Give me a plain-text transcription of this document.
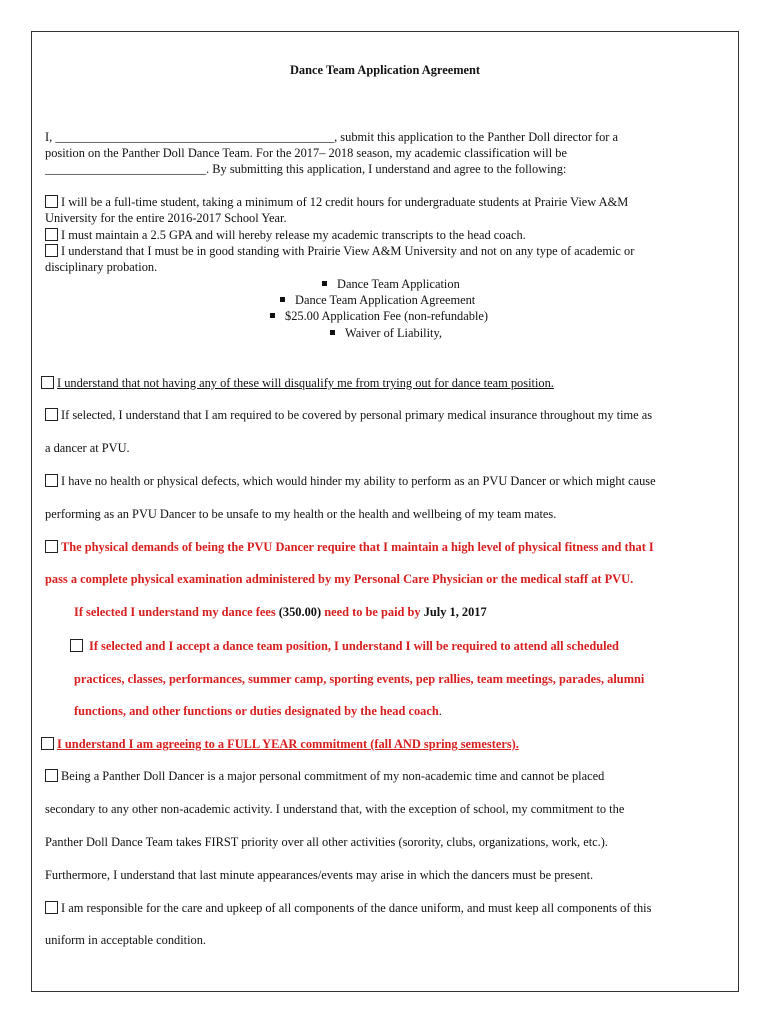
Dance Team Application Agreement
I, _____________________________________________, submit this application to the Panther Doll director for a
position on the Panther Doll Dance Team. For the 2017– 2018 season, my academic classification will be
__________________________. By submitting this application, I understand and agree to the following:
I will be a full-time student, taking a minimum of 12 credit hours for undergraduate students at Prairie View A&M
University for the entire 2016-2017 School Year.
I must maintain a 2.5 GPA and will hereby release my academic transcripts to the head coach.
I understand that I must be in good standing with Prairie View A&M University and not on any type of academic or
disciplinary probation.
Dance Team Application
Dance Team Application Agreement
$25.00 Application Fee (non-refundable)
Waiver of Liability,
I understand that not having any of these will disqualify me from trying out for dance team position.
If selected, I understand that I am required to be covered by personal primary medical insurance throughout my time as
a dancer at PVU.
I have no health or physical defects, which would hinder my ability to perform as an PVU Dancer or which might cause
performing as an PVU Dancer to be unsafe to my health or the health and wellbeing of my team mates.
The physical demands of being the PVU Dancer require that I maintain a high level of physical fitness and that I
pass a complete physical examination administered by my Personal Care Physician or the medical staff at PVU.
If selected I understand my dance fees (350.00) need to be paid by July 1, 2017
If selected and I accept a dance team position, I understand I will be required to attend all scheduled
practices, classes, performances, summer camp, sporting events, pep rallies, team meetings, parades, alumni
functions, and other functions or duties designated by the head coach.
I understand I am agreeing to a FULL YEAR commitment (fall AND spring semesters).
Being a Panther Doll Dancer is a major personal commitment of my non-academic time and cannot be placed
secondary to any other non-academic activity. I understand that, with the exception of school, my commitment to the
Panther Doll Dance Team takes FIRST priority over all other activities (sorority, clubs, organizations, work, etc.).
Furthermore, I understand that last minute appearances/events may arise in which the dancers must be present.
I am responsible for the care and upkeep of all components of the dance uniform, and must keep all components of this
uniform in acceptable condition.
